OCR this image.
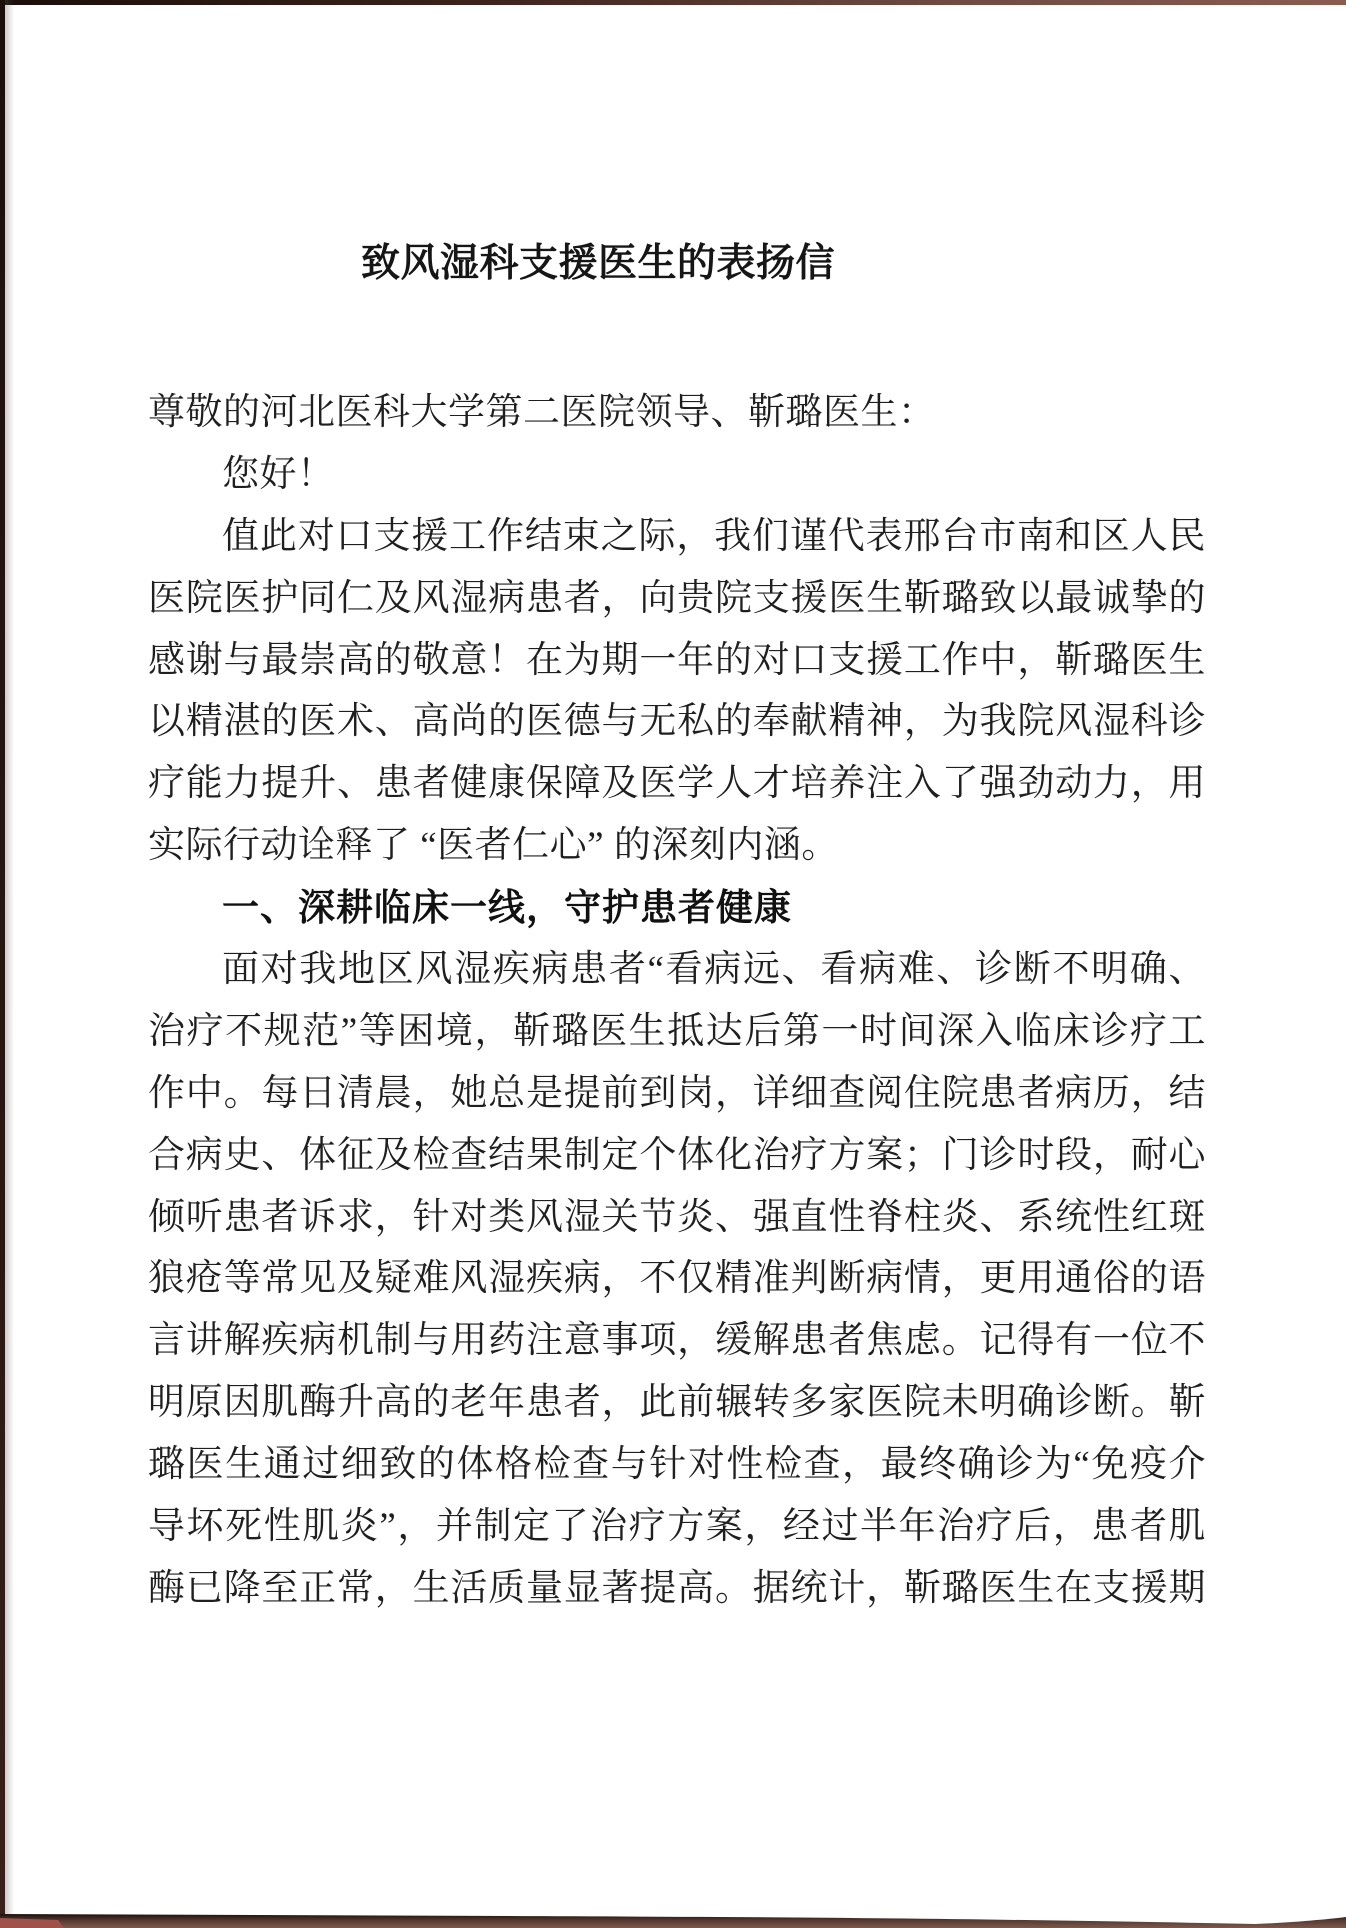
致风湿科支援医生的表扬信
尊敬的河北医科大学第二医院领导、靳璐医生：
您好！
值此对口支援工作结束之际，我们谨代表邢台市南和区人民
医院医护同仁及风湿病患者，向贵院支援医生靳璐致以最诚挚的
感谢与最崇高的敬意！在为期一年的对口支援工作中，靳璐医生
以精湛的医术、高尚的医德与无私的奉献精神，为我院风湿科诊
疗能力提升、患者健康保障及医学人才培养注入了强劲动力，用
实际行动诠释了 “医者仁心” 的深刻内涵。
一、深耕临床一线，守护患者健康
面对我地区风湿疾病患者“看病远、看病难、诊断不明确、
治疗不规范”等困境，靳璐医生抵达后第一时间深入临床诊疗工
作中。每日清晨，她总是提前到岗，详细查阅住院患者病历，结
合病史、体征及检查结果制定个体化治疗方案；门诊时段，耐心
倾听患者诉求，针对类风湿关节炎、强直性脊柱炎、系统性红斑
狼疮等常见及疑难风湿疾病，不仅精准判断病情，更用通俗的语
言讲解疾病机制与用药注意事项，缓解患者焦虑。记得有一位不
明原因肌酶升高的老年患者，此前辗转多家医院未明确诊断。靳
璐医生通过细致的体格检查与针对性检查，最终确诊为“免疫介
导坏死性肌炎”，并制定了治疗方案，经过半年治疗后，患者肌
酶已降至正常，生活质量显著提高。据统计，靳璐医生在支援期
